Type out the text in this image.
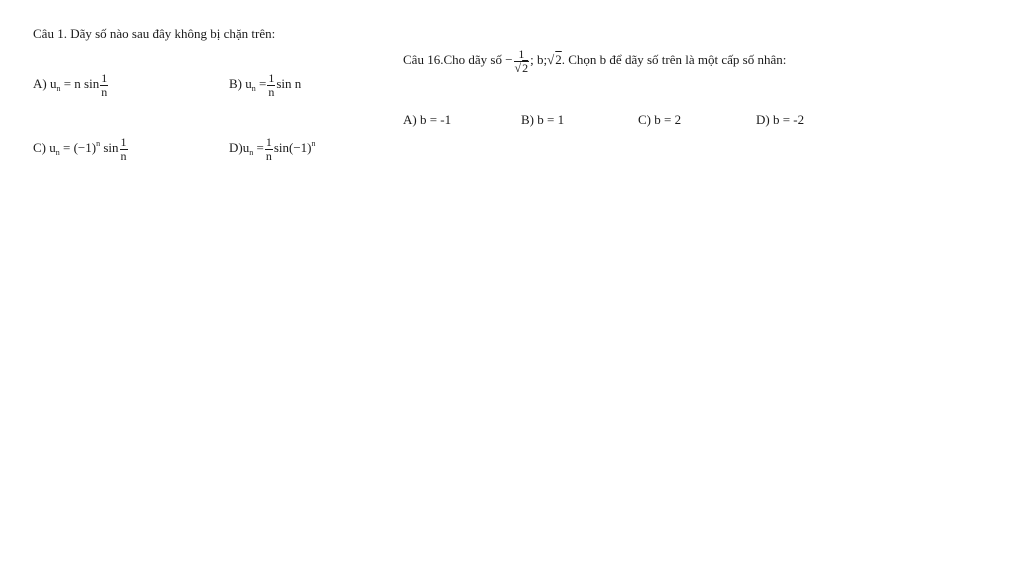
Câu 1. Dãy số nào sau đây không bị chặn trên:
A) $u_n = n$ $\sin \frac{1}{n}$	B) $u_n = \frac{1}{n}$ sin n
C) $u_n = (-1)^n$ $\sin \frac{1}{n}$	$D)u_n = \frac{1}{n} \sin(-1)^n$
Câu 16.Cho dãy số − $\frac{1}{√2}$ ; b;√2. Chọn b để dãy số trên là một cấp số nhân:
A) b = -1	B) b = 1	C) b = 2	D) b = -2
